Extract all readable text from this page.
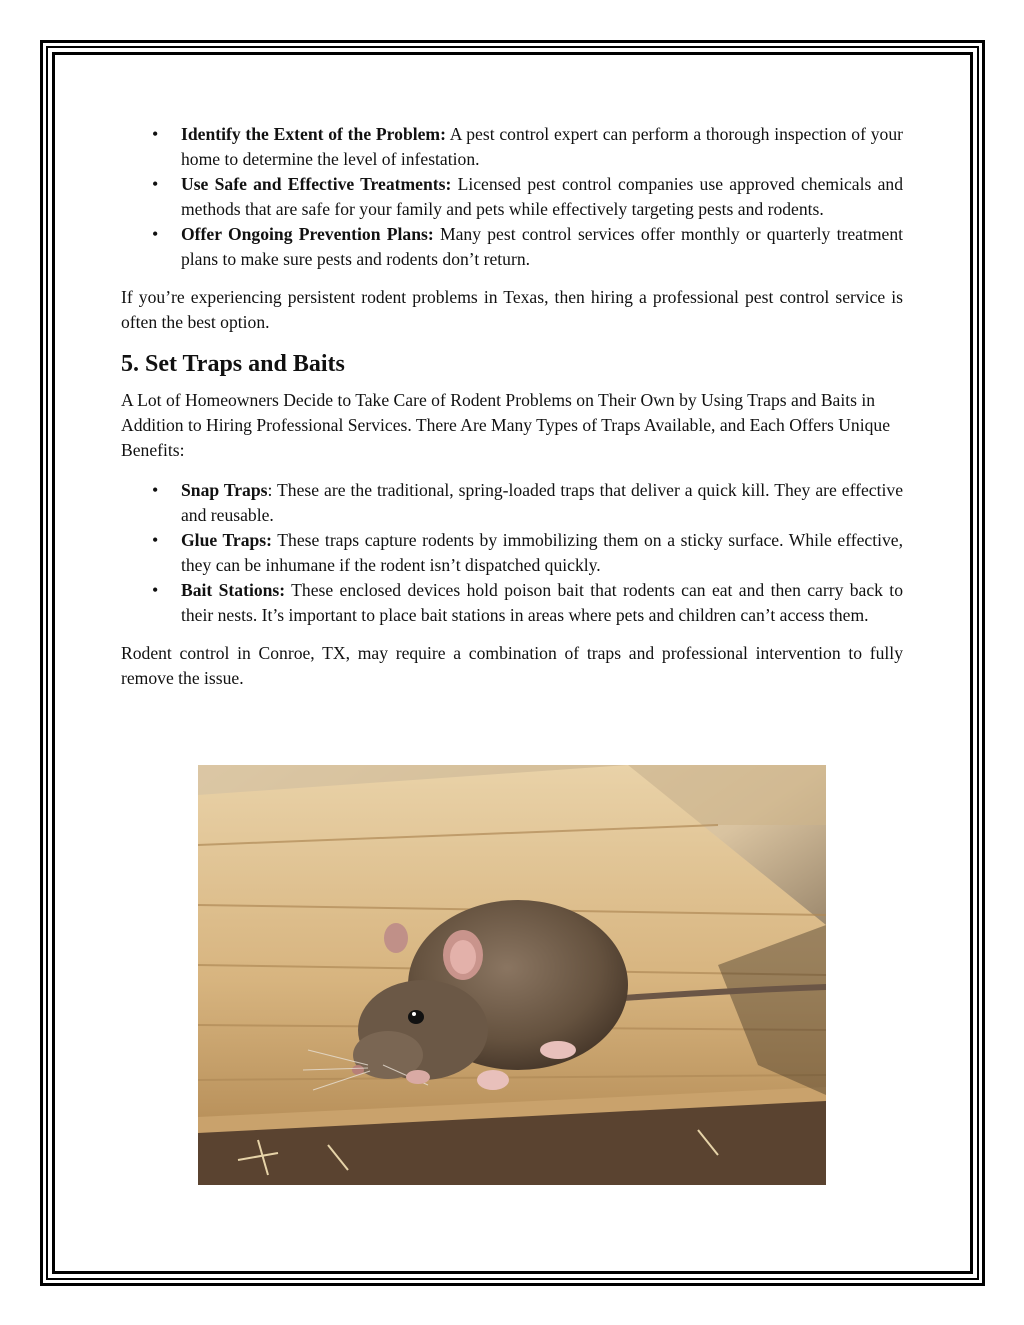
• Identify the Extent of the Problem: A pest control expert can perform a thorough inspection of your home to determine the level of infestation.
• Use Safe and Effective Treatments: Licensed pest control companies use approved chemicals and methods that are safe for your family and pets while effectively targeting pests and rodents.
• Offer Ongoing Prevention Plans: Many pest control services offer monthly or quarterly treatment plans to make sure pests and rodents don’t return.

If you’re experiencing persistent rodent problems in Texas, then hiring a professional pest control service is often the best option.

5. Set Traps and Baits

A Lot of Homeowners Decide to Take Care of Rodent Problems on Their Own by Using Traps and Baits in Addition to Hiring Professional Services. There Are Many Types of Traps Available, and Each Offers Unique Benefits:

• Snap Traps: These are the traditional, spring-loaded traps that deliver a quick kill. They are effective and reusable.
• Glue Traps: These traps capture rodents by immobilizing them on a sticky surface. While effective, they can be inhumane if the rodent isn’t dispatched quickly.
• Bait Stations: These enclosed devices hold poison bait that rodents can eat and then carry back to their nests. It’s important to place bait stations in areas where pets and children can’t access them.

Rodent control in Conroe, TX, may require a combination of traps and professional intervention to fully remove the issue.
